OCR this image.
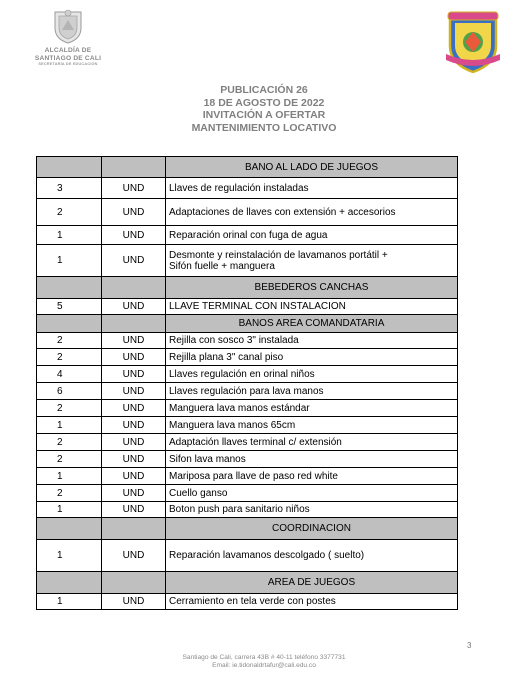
ALCALDÍA DE
SANTIAGO DE CALI
SECRETARÍA DE EDUCACIÓN
PUBLICACIÓN 26
18 DE AGOSTO DE 2022
INVITACIÓN A OFERTAR
MANTENIMIENTO LOCATIVO
		BANO AL LADO DE JUEGOS
3	UND	Llaves de regulación instaladas

2	UND	Adaptaciones de llaves con extensión + accesorios

1	UND	Reparación orinal con fuga de agua

1	UND	Desmonte y reinstalación de lavamanos portátil +
Sifón fuelle + manguera

		BEBEDEROS CANCHAS
5	UND	LLAVE TERMINAL CON INSTALACION

		BANOS AREA COMANDATARIA
2	UND	Rejilla con sosco 3" instalada

2	UND	Rejilla plana 3" canal piso

4	UND	Llaves regulación en orinal niños

6	UND	Llaves regulación para lava manos

2	UND	Manguera lava manos estándar

1	UND	Manguera lava manos 65cm

2	UND	Adaptación llaves terminal c/ extensión

2	UND	Sifon lava manos

1	UND	Mariposa para llave de paso red white

2	UND	Cuello ganso

1	UND	Boton push para sanitario niños

		COORDINACION
1	UND	Reparación lavamanos descolgado ( suelto)

		AREA DE JUEGOS
1	UND	Cerramiento en tela verde con postes
3
Santiago de Cali, carrera 43B # 40-11 teléfono 3377731
Email: ie.tidonaldrtafur@cali.edu.co
